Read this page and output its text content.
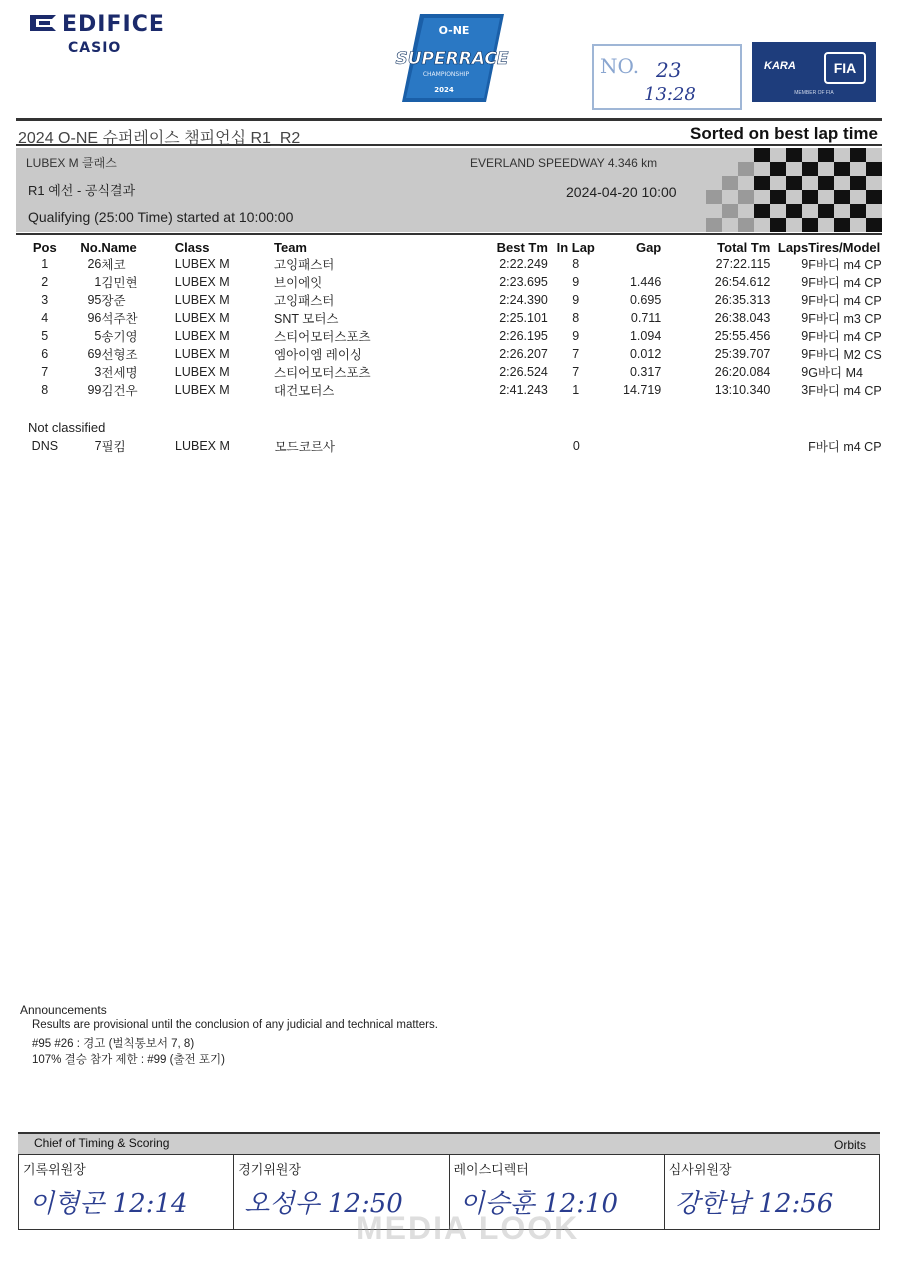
EDIFICE
CASIO
O-NE
SUPERRACE
CHAMPIONSHIP
2024
NO. 23
13:28
KARA	FIA
MEMBER OF FIA
2024 O-NE 슈퍼레이스 챔피언십 R1_R2	Sorted on best lap time
LUBEX M 클래스
R1 예선 - 공식결과
Qualifying (25:00 Time) started at 10:00:00
EVERLAND SPEEDWAY 4.346 km
2024-04-20 10:00
Pos	No.	Name	Class	Team	Best Tm	In Lap	Gap	Total Tm	Laps	Tires/Model
1	26	체코	LUBEX M	고잉패스터	2:22.249	8		27:22.115	9	F바디 m4 CP
2	1	김민현	LUBEX M	브이에잇	2:23.695	9	1.446	26:54.612	9	F바디 m4 CP
3	95	장준	LUBEX M	고잉패스터	2:24.390	9	0.695	26:35.313	9	F바디 m4 CP
4	96	석주찬	LUBEX M	SNT 모터스	2:25.101	8	0.711	26:38.043	9	F바디 m3 CP
5	5	송기영	LUBEX M	스티어모터스포츠	2:26.195	9	1.094	25:55.456	9	F바디 m4 CP
6	69	선형조	LUBEX M	엠아이엠 레이싱	2:26.207	7	0.012	25:39.707	9	F바디 M2 CS
7	3	전세명	LUBEX M	스티어모터스포츠	2:26.524	7	0.317	26:20.084	9	G바디 M4
8	99	김건우	LUBEX M	대건모터스	2:41.243	1	14.719	13:10.340	3	F바디 m4 CP
Not classified
DNS	7	필킴	LUBEX M	모드코르사		0				F바디 m4 CP
Announcements
Results are provisional until the conclusion of any judicial and technical matters.
#95 #26 : 경고 (벌칙통보서 7, 8)
107% 결승 참가 제한 : #99 (출전 포기)
Chief of Timing & Scoring	Orbits
기록위원장
이형곤 12:14
경기위원장
오성우 12:50
레이스디렉터
이승훈 12:10
심사위원장
강한남 12:56
MEDIA LOOK
